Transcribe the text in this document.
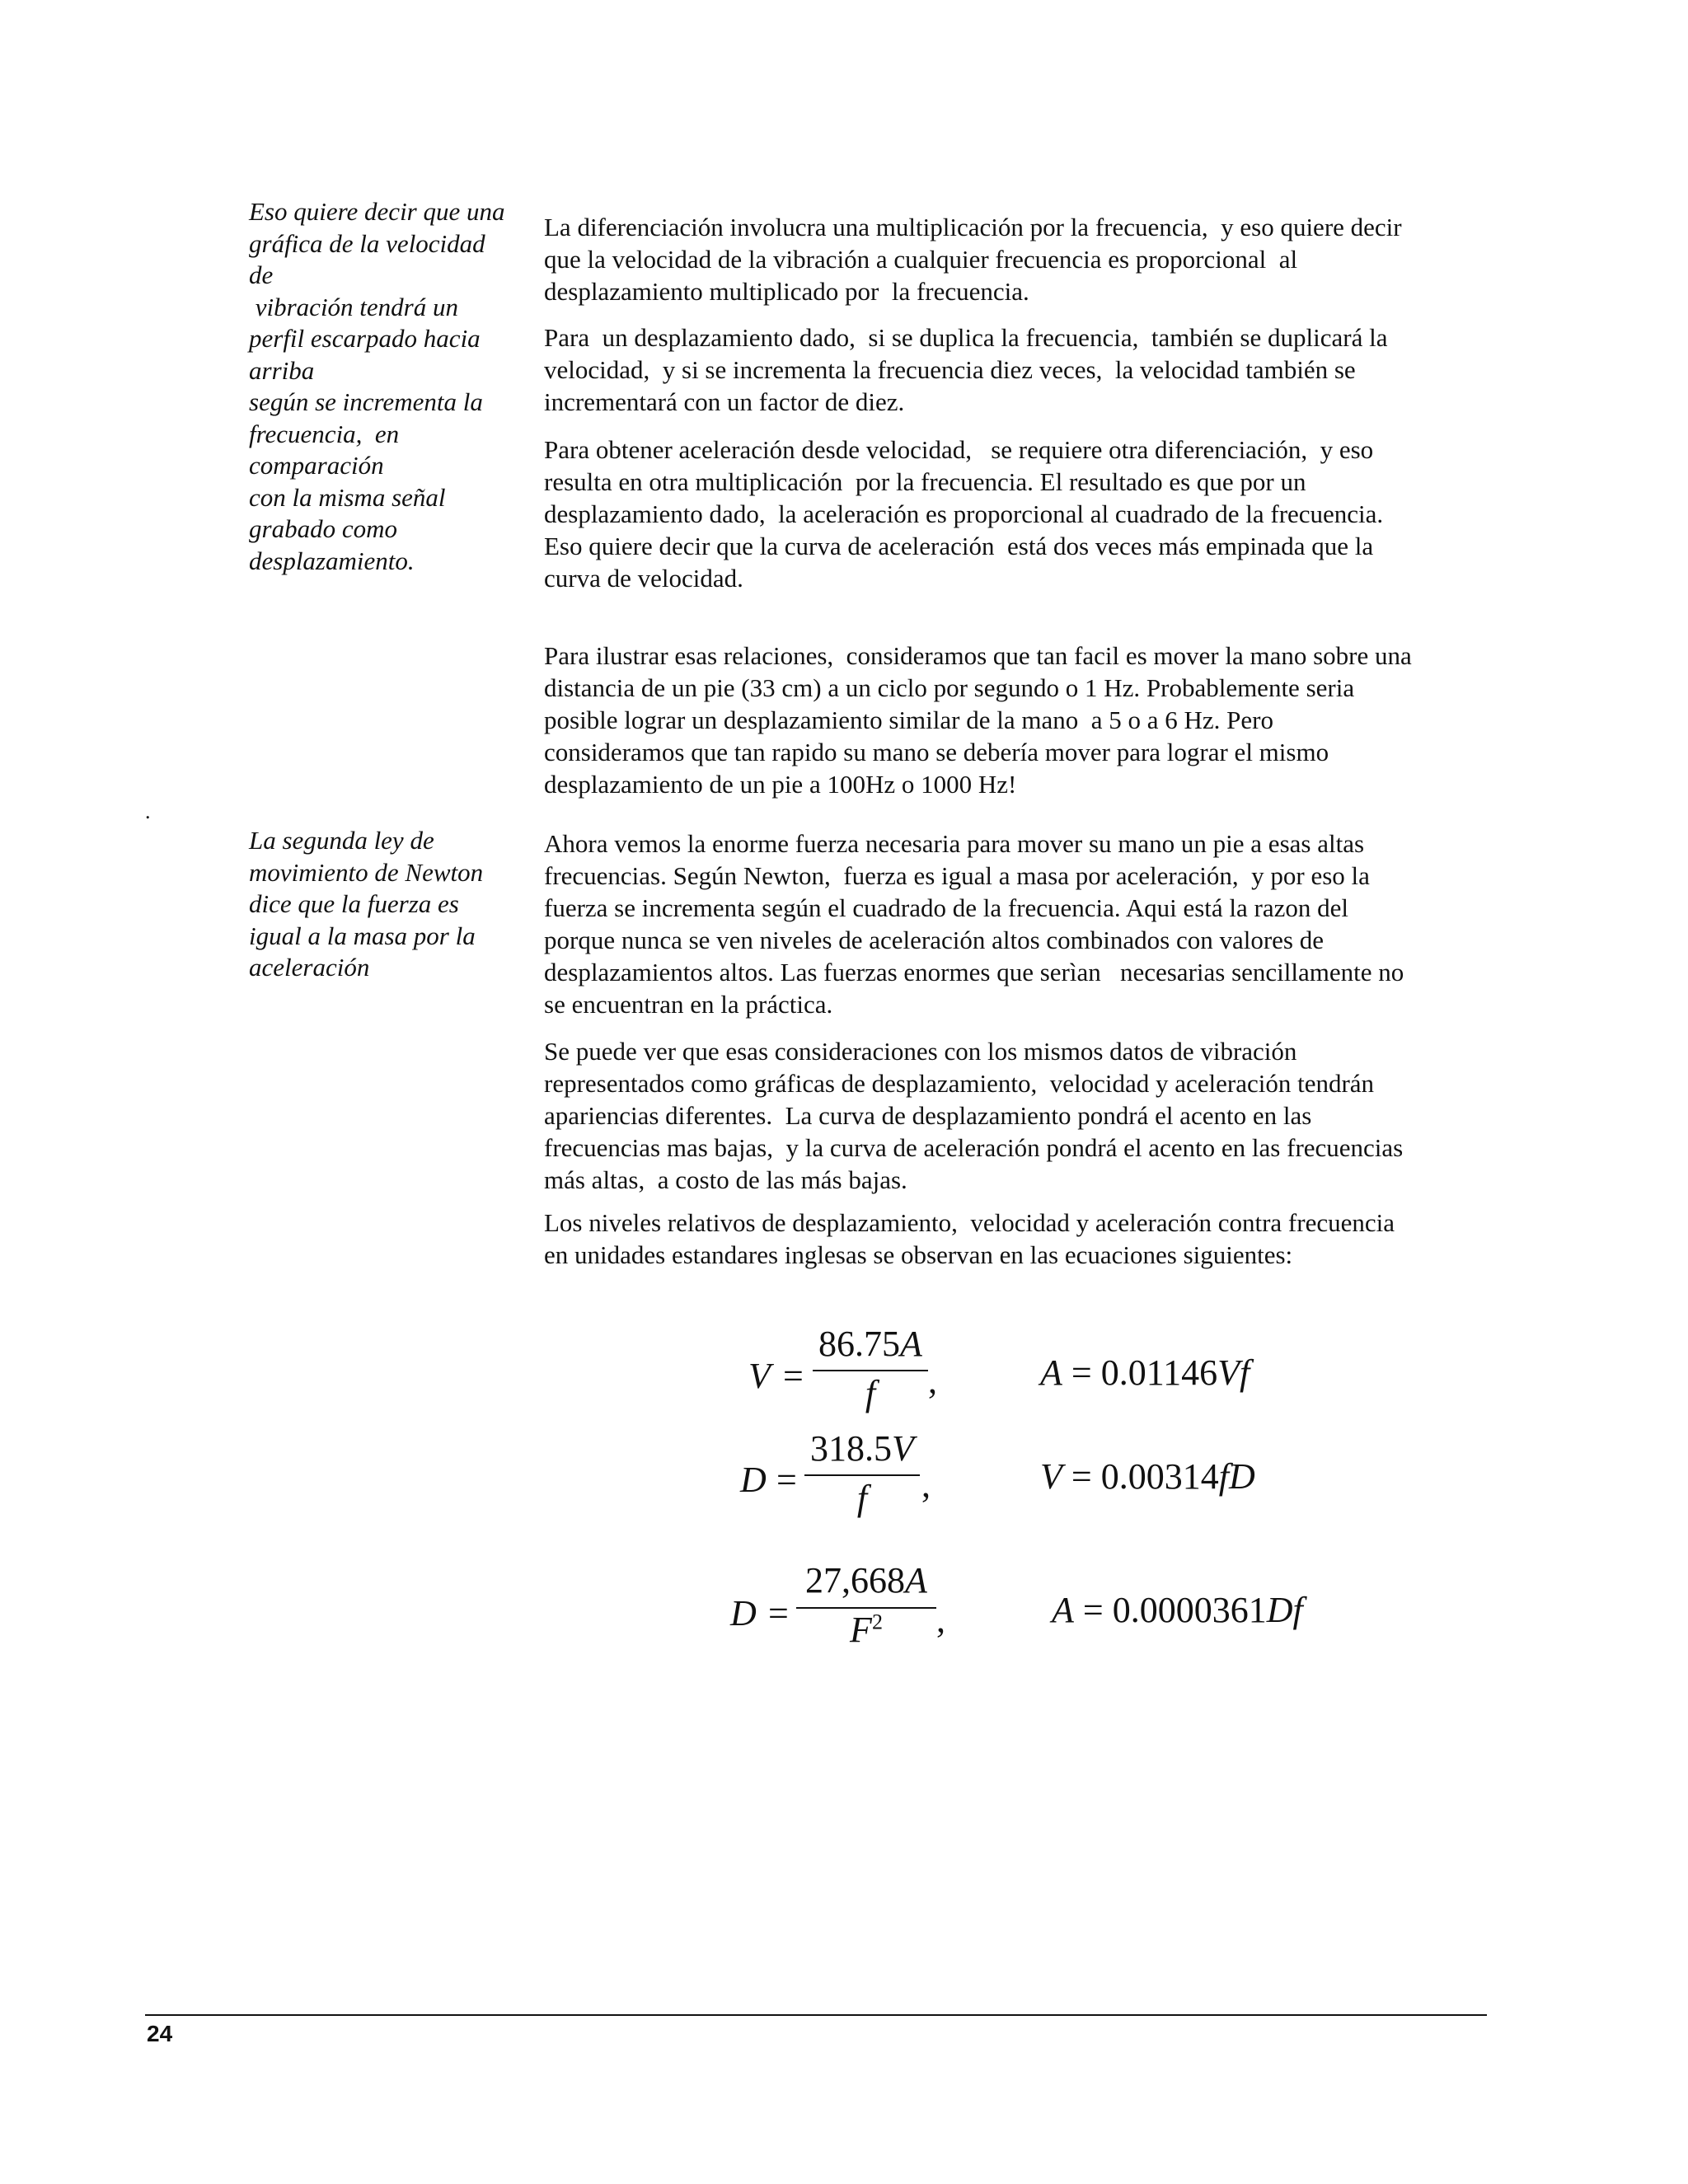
Eso quiere decir que una
gráfica de la velocidad
de
vibración tendrá un
perfil escarpado hacia
arriba
según se incrementa la
frecuencia,  en
comparación
con la misma señal
grabado como
desplazamiento.
La segunda ley de
movimiento de Newton
dice que la fuerza es
igual a la masa por la
aceleración
.

La diferenciación involucra una multiplicación por la frecuencia,  y eso quiere decir
que la velocidad de la vibración a cualquier frecuencia es proporcional  al
desplazamiento multiplicado por  la frecuencia.

Para  un desplazamiento dado,  si se duplica la frecuencia,  también se duplicará la
velocidad,  y si se incrementa la frecuencia diez veces,  la velocidad también se
incrementará con un factor de diez.

Para obtener aceleración desde velocidad,   se requiere otra diferenciación,  y eso
resulta en otra multiplicación  por la frecuencia. El resultado es que por un
desplazamiento dado,  la aceleración es proporcional al cuadrado de la frecuencia.
Eso quiere decir que la curva de aceleración  está dos veces más empinada que la
curva de velocidad.

Para ilustrar esas relaciones,  consideramos que tan facil es mover la mano sobre una
distancia de un pie (33 cm) a un ciclo por segundo o 1 Hz. Probablemente seria
posible lograr un desplazamiento similar de la mano  a 5 o a 6 Hz. Pero
consideramos que tan rapido su mano se debería mover para lograr el mismo
desplazamiento de un pie a 100Hz o 1000 Hz!

Ahora vemos la enorme fuerza necesaria para mover su mano un pie a esas altas
frecuencias. Según Newton,  fuerza es igual a masa por aceleración,  y por eso la
fuerza se incrementa según el cuadrado de la frecuencia. Aqui está la razon del
porque nunca se ven niveles de aceleración altos combinados con valores de
desplazamientos altos. Las fuerzas enormes que serìan   necesarias sencillamente no
se encuentran en la práctica.

Se puede ver que esas consideraciones con los mismos datos de vibración
representados como gráficas de desplazamiento,  velocidad y aceleración tendrán
apariencias diferentes.  La curva de desplazamiento pondrá el acento en las
frecuencias mas bajas,  y la curva de aceleración pondrá el acento en las frecuencias
más altas,  a costo de las más bajas.

Los niveles relativos de desplazamiento,  velocidad y aceleración contra frecuencia
en unidades estandares inglesas se observan en las ecuaciones siguientes:

V =
86.75A
f	,	A = 0.01146Vf
D =
318.5V
f	,	V = 0.00314fD
D =
27,668A
$F^2$	,	A = 0.0000361Df
24
